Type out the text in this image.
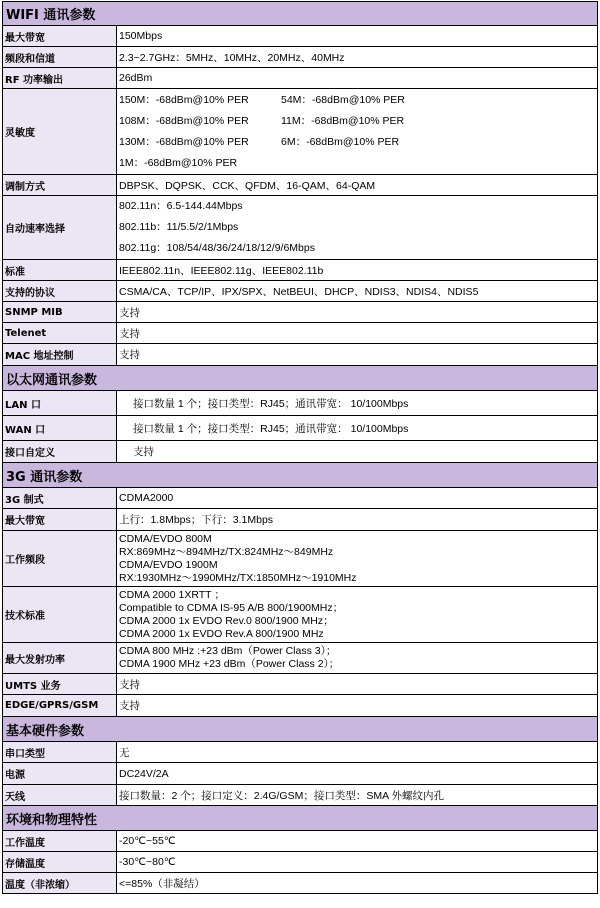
WIFI 通讯参数	
最大带宽	150Mbps
频段和信道	2.3~2.7GHz：5MHz、10MHz、20MHz、40MHz
RF 功率输出	26dBm
灵敏度	150M：-68dBm@10% PER 54M：-68dBm@10% PER
108M：-68dBm@10% PER 11M：-68dBm@10% PER
130M：-68dBm@10% PER 6M：-68dBm@10% PER
1M：-68dBm@10% PER

调制方式	DBPSK、DQPSK、CCK、QFDM、16-QAM、64-QAM
自动速率选择	802.11n：6.5-144.44Mbps
802.11b：11/5.5/2/1Mbps
802.11g：108/54/48/36/24/18/12/9/6Mbps

标准	IEEE802.11n、IEEE802.11g、IEEE802.11b
支持的协议	CSMA/CA、TCP/IP、IPX/SPX、NetBEUI、DHCP、NDIS3、NDIS4、NDIS5
SNMP MIB	支持
Telenet	支持
MAC 地址控制	支持
以太网通讯参数	
LAN 口	接口数量 1 个；接口类型：RJ45；通讯带宽： 10/100Mbps
WAN 口	接口数量 1 个；接口类型：RJ45；通讯带宽： 10/100Mbps
接口自定义	支持
3G 通讯参数	
3G 制式	CDMA2000
最大带宽	上行：1.8Mbps；下行：3.1Mbps
工作频段	CDMA/EVDO 800M
RX:869MHz～894MHz/TX:824MHz～849MHz
CDMA/EVDO 1900M
RX:1930MHz～1990MHz/TX:1850MHz～1910MHz

技术标准	CDMA 2000 1XRTT ；
Compatible to CDMA IS-95 A/B 800/1900MHz；
CDMA 2000 1x EVDO Rev.0 800/1900 MHz；
CDMA 2000 1x EVDO Rev.A 800/1900 MHz

最大发射功率	CDMA 800 MHz :+23 dBm（Power Class 3）；
CDMA 1900 MHz +23 dBm（Power Class 2）；

UMTS 业务	支持
EDGE/GPRS/GSM	支持
基本硬件参数	
串口类型	无
电源	DC24V/2A
天线	接口数量：2 个；接口定义：2.4G/GSM；接口类型：SMA 外螺纹内孔
环境和物理特性	
工作温度	-20℃~55℃
存储温度	-30℃~80℃
温度（非浓缩）	<=85%（非凝结）
